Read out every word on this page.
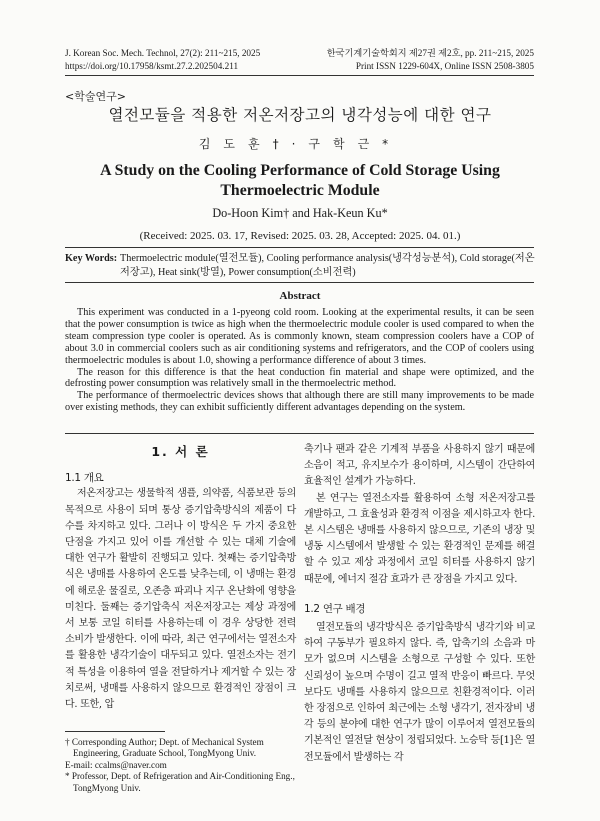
J. Korean Soc. Mech. Technol, 27(2): 211~215, 2025
https://doi.org/10.17958/ksmt.27.2.202504.211
한국기계기술학회지 제27권 제2호, pp. 211~215, 2025
Print ISSN 1229-604X, Online ISSN 2508-3805
<학술연구>
열전모듈을 적용한 저온저장고의 냉각성능에 대한 연구
김도훈†·구학근*
A Study on the Cooling Performance of Cold Storage Using Thermoelectric Module
Do-Hoon Kim† and Hak-Keun Ku*
(Received: 2025. 03. 17, Revised: 2025. 03. 28, Accepted: 2025. 04. 01.)
Key Words: Thermoelectric module(열전모듈), Cooling performance analysis(냉각성능분석), Cold storage(저온저장고), Heat sink(방열), Power consumption(소비전력)
Abstract

This experiment was conducted in a 1-pyeong cold room. Looking at the experimental results, it can be seen that the power consumption is twice as high when the thermoelectric module cooler is used compared to when the steam compression type cooler is operated. As is commonly known, steam compression coolers have a COP of about 3.0 in commercial coolers such as air conditioning systems and refrigerators, and the COP of coolers using thermoelectric modules is about 1.0, showing a performance difference of about 3 times.

The reason for this difference is that the heat conduction fin material and shape were optimized, and the defrosting power consumption was relatively small in the thermoelectric method.

The performance of thermoelectric devices shows that although there are still many improvements to be made over existing methods, they can exhibit sufficiently different advantages depending on the system.

1. 서 론
1.1 개요

저온저장고는 생물학적 샘플, 의약품, 식품보관 등의 목적으로 사용이 되며 통상 증기압축방식의 제품이 다수를 차지하고 있다. 그러나 이 방식은 두 가지 중요한 단점을 가지고 있어 이를 개선할 수 있는 대체 기술에 대한 연구가 활발히 진행되고 있다. 첫째는 증기압축방식은 냉매를 사용하여 온도를 낮추는데, 이 냉매는 환경에 해로운 물질로, 오존층 파괴나 지구 온난화에 영향을 미친다. 둘째는 증기압축식 저온저장고는 제상 과정에서 보통 코일 히터를 사용하는데 이 경우 상당한 전력 소비가 발생한다. 이에 따라, 최근 연구에서는 열전소자를 활용한 냉각기술이 대두되고 있다. 열전소자는 전기적 특성을 이용하여 열을 전달하거나 제거할 수 있는 장치로써, 냉매를 사용하지 않으므로 환경적인 장점이 크다. 또한, 압

† Corresponding Author; Dept. of Mechanical System Engineering, Graduate School, TongMyong Univ.

E-mail: ccalms@naver.com

* Professor, Dept. of Refrigeration and Air-Conditioning Eng., TongMyong Univ.

축기나 팬과 같은 기계적 부품을 사용하지 않기 때문에 소음이 적고, 유지보수가 용이하며, 시스템이 간단하여 효율적인 설계가 가능하다.

본 연구는 열전소자를 활용하여 소형 저온저장고를 개발하고, 그 효율성과 환경적 이점을 제시하고자 한다. 본 시스템은 냉매를 사용하지 않으므로, 기존의 냉장 및 냉동 시스템에서 발생할 수 있는 환경적인 문제를 해결할 수 있고 제상 과정에서 코일 히터를 사용하지 않기 때문에, 에너지 절감 효과가 큰 장점을 가지고 있다.

1.2 연구 배경

열전모듈의 냉각방식은 증기압축방식 냉각기와 비교하여 구동부가 필요하지 않다. 즉, 압축기의 소음과 마모가 없으며 시스템을 소형으로 구성할 수 있다. 또한 신뢰성이 높으며 수명이 길고 열적 반응이 빠르다. 무엇보다도 냉매를 사용하지 않으므로 친환경적이다. 이러한 장점으로 인하여 최근에는 소형 냉각기, 전자장비 냉각 등의 분야에 대한 연구가 많이 이루어져 열전모듈의 기본적인 열전달 현상이 정립되었다. 노승탁 등[1]은 열전모듈에서 발생하는 각
